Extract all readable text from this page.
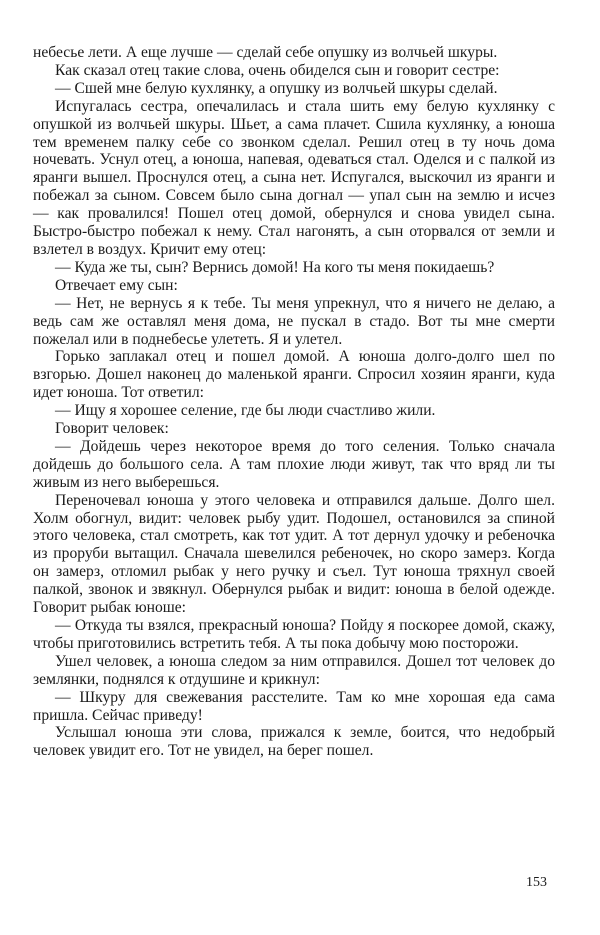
небесье лети. А еще лучше — сделай себе опушку из волчьей шкуры.

Как сказал отец такие слова, очень обиделся сын и говорит сестре:

— Сшей мне белую кухлянку, а опушку из волчьей шкуры сделай.

Испугалась сестра, опечалилась и стала шить ему белую кухлянку с опушкой из волчьей шкуры. Шьет, а сама плачет. Сшила кухлянку, а юноша тем временем палку себе со звонком сделал. Решил отец в ту ночь дома ночевать. Уснул отец, а юноша, напевая, одеваться стал. Оделся и с палкой из яранги вышел. Проснулся отец, а сына нет. Испугался, выскочил из яранги и побежал за сыном. Совсем было сына догнал — упал сын на землю и исчез — как провалился! Пошел отец домой, обернулся и снова увидел сына. Быстро-быстро побежал к нему. Стал нагонять, а сын оторвался от земли и взлетел в воздух. Кричит ему отец:

— Куда же ты, сын? Вернись домой! На кого ты меня покидаешь?

Отвечает ему сын:

— Нет, не вернусь я к тебе. Ты меня упрекнул, что я ничего не делаю, а ведь сам же оставлял меня дома, не пускал в стадо. Вот ты мне смерти пожелал или в поднебесье улететь. Я и улетел.

Горько заплакал отец и пошел домой. А юноша долго-долго шел по взгорью. Дошел наконец до маленькой яранги. Спросил хозяин яранги, куда идет юноша. Тот ответил:

— Ищу я хорошее селение, где бы люди счастливо жили.

Говорит человек:

— Дойдешь через некоторое время до того селения. Только сначала дойдешь до большого села. А там плохие люди живут, так что вряд ли ты живым из него выберешься.

Переночевал юноша у этого человека и отправился дальше. Долго шел. Холм обогнул, видит: человек рыбу удит. Подошел, остановился за спиной этого человека, стал смотреть, как тот удит. А тот дернул удочку и ребеночка из проруби вытащил. Сначала шевелился ребеночек, но скоро замерз. Когда он замерз, отломил рыбак у него ручку и съел. Тут юноша тряхнул своей палкой, звонок и звякнул. Обернулся рыбак и видит: юноша в белой одежде. Говорит рыбак юноше:

— Откуда ты взялся, прекрасный юноша? Пойду я поскорее домой, скажу, чтобы приготовились встретить тебя. А ты пока добычу мою посторожи.

Ушел человек, а юноша следом за ним отправился. Дошел тот человек до землянки, поднялся к отдушине и крикнул:

— Шкуру для свежевания расстелите. Там ко мне хорошая еда сама пришла. Сейчас приведу!

Услышал юноша эти слова, прижался к земле, боится, что недобрый человек увидит его. Тот не увидел, на берег пошел.

153
